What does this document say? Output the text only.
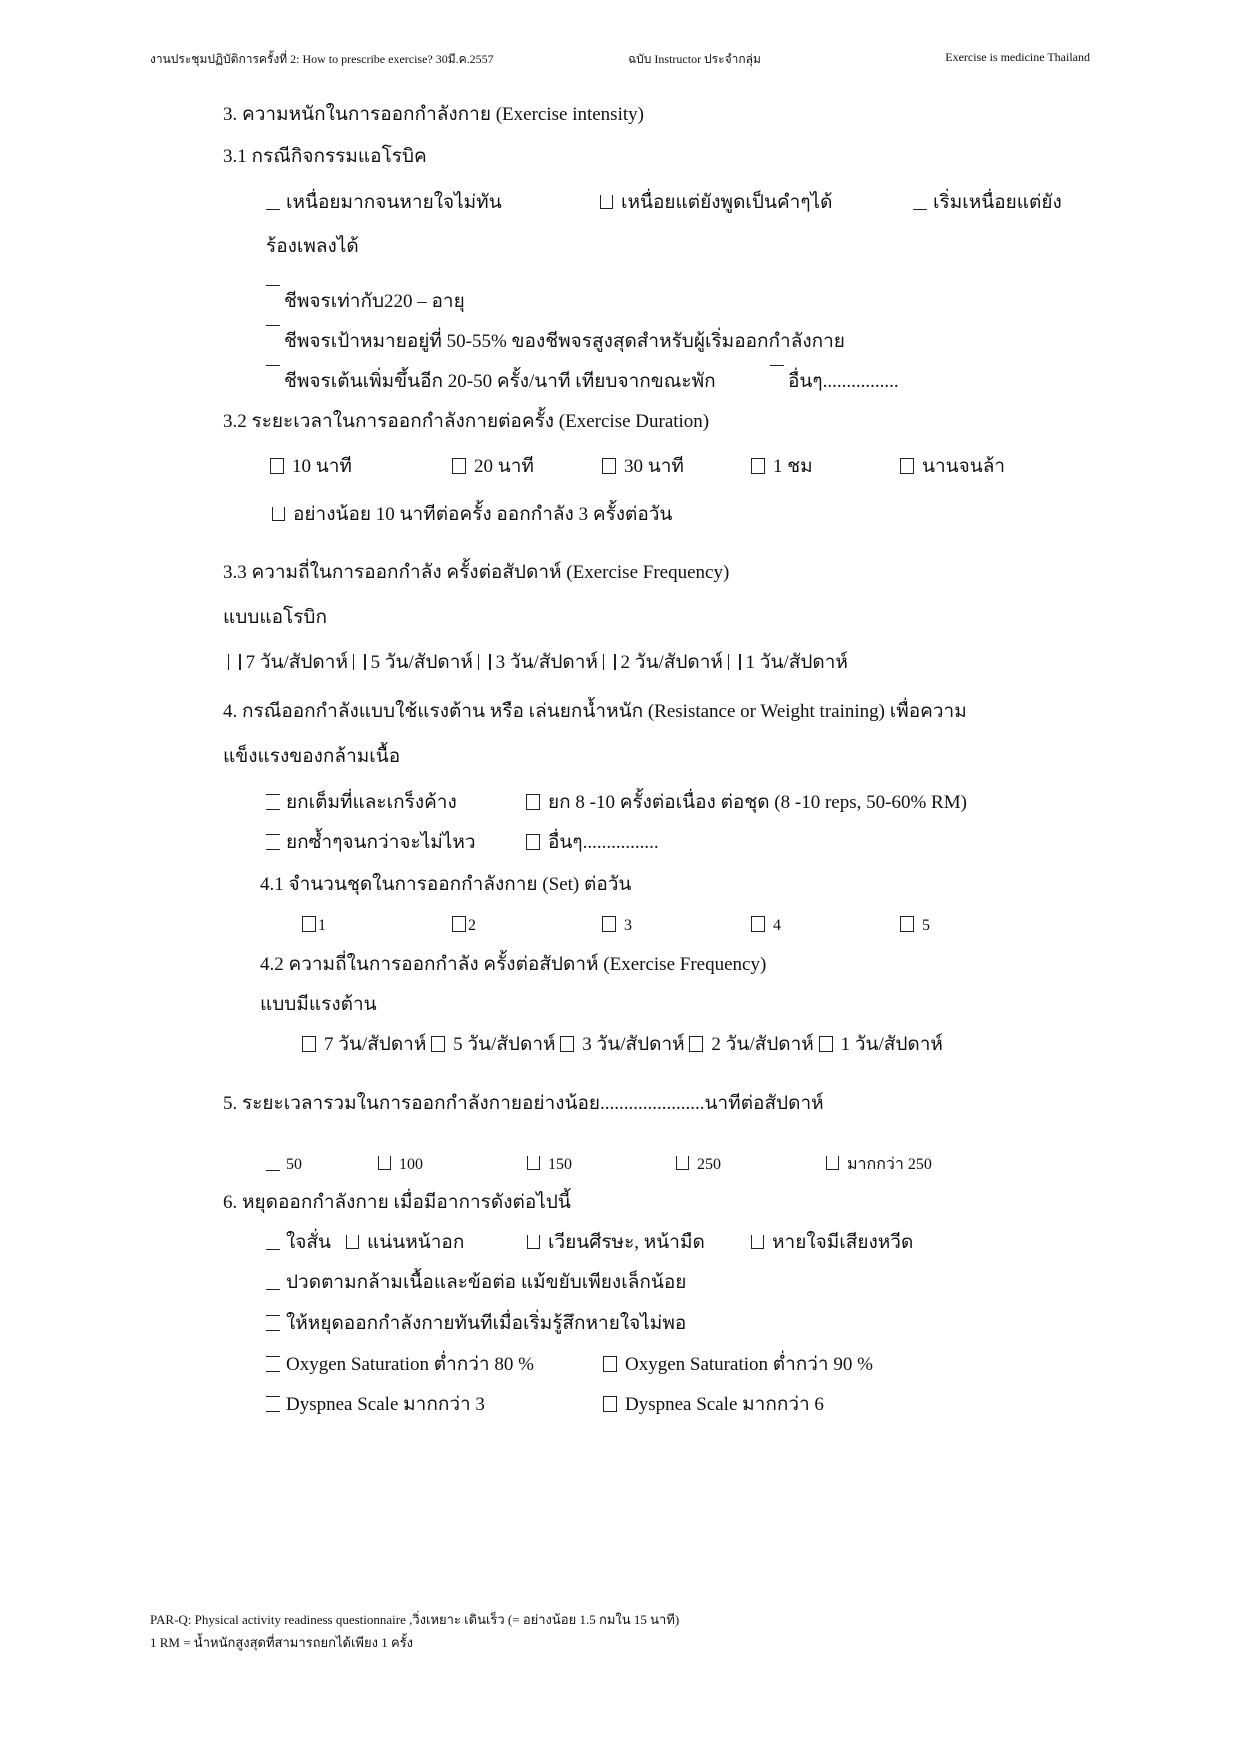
งานประชุมปฏิบัติการครั้งที่ 2: How to prescribe exercise? 30มี.ค.2557	ฉบับ Instructor ประจำกลุ่ม	Exercise is medicine Thailand
3. ความหนักในการออกกำลังกาย (Exercise intensity)
3.1 กรณีกิจกรรมแอโรบิค
เหนื่อยมากจนหายใจไม่ทัน	เหนื่อยแต่ยังพูดเป็นคำๆได้	เริ่มเหนื่อยแต่ยัง
ร้องเพลงได้
ชีพจรเท่ากับ220 – อายุ
ชีพจรเป้าหมายอยู่ที่ 50-55% ของชีพจรสูงสุดสำหรับผู้เริ่มออกกำลังกาย
ชีพจรเต้นเพิ่มขึ้นอีก 20-50 ครั้ง/นาที เทียบจากขณะพัก	อื่นๆ................
3.2 ระยะเวลาในการออกกำลังกายต่อครั้ง (Exercise Duration)
10 นาที	20 นาที	30 นาที	1 ชม	นานจนล้า
อย่างน้อย 10 นาทีต่อครั้ง ออกกำลัง 3 ครั้งต่อวัน
3.3 ความถี่ในการออกกำลัง ครั้งต่อสัปดาห์ (Exercise Frequency)
แบบแอโรบิก
7 วัน/สัปดาห์ 5 วัน/สัปดาห์ 3 วัน/สัปดาห์ 2 วัน/สัปดาห์ 1 วัน/สัปดาห์
4. กรณีออกกำลังแบบใช้แรงต้าน หรือ เล่นยกน้ำหนัก (Resistance or Weight training) เพื่อความ
แข็งแรงของกล้ามเนื้อ
ยกเต็มที่และเกร็งค้าง	ยก 8 -10 ครั้งต่อเนื่อง ต่อชุด (8 -10 reps, 50-60% RM)
ยกซ้ำๆจนกว่าจะไม่ไหว	อื่นๆ................
4.1 จำนวนชุดในการออกกำลังกาย (Set) ต่อวัน
1	2	3	4	5
4.2 ความถี่ในการออกกำลัง ครั้งต่อสัปดาห์ (Exercise Frequency)
แบบมีแรงต้าน
7 วัน/สัปดาห์ 5 วัน/สัปดาห์ 3 วัน/สัปดาห์ 2 วัน/สัปดาห์ 1 วัน/สัปดาห์
5. ระยะเวลารวมในการออกกำลังกายอย่างน้อย......................นาทีต่อสัปดาห์
50	100	150	250	มากกว่า 250
6. หยุดออกกำลังกาย เมื่อมีอาการดังต่อไปนี้
ใจสั่น	แน่นหน้าอก	เวียนศีรษะ, หน้ามืด	หายใจมีเสียงหวีด
ปวดตามกล้ามเนื้อและข้อต่อ แม้ขยับเพียงเล็กน้อย
ให้หยุดออกกำลังกายทันทีเมื่อเริ่มรู้สึกหายใจไม่พอ
Oxygen Saturation ต่ำกว่า 80 %	Oxygen Saturation ต่ำกว่า 90 %
Dyspnea Scale มากกว่า 3	Dyspnea Scale มากกว่า 6
PAR-Q: Physical activity readiness questionnaire ,วิ่งเหยาะ เดินเร็ว (= อย่างน้อย 1.5 กมใน 15 นาที)
1 RM = น้ำหนักสูงสุดที่สามารถยกได้เพียง 1 ครั้ง
